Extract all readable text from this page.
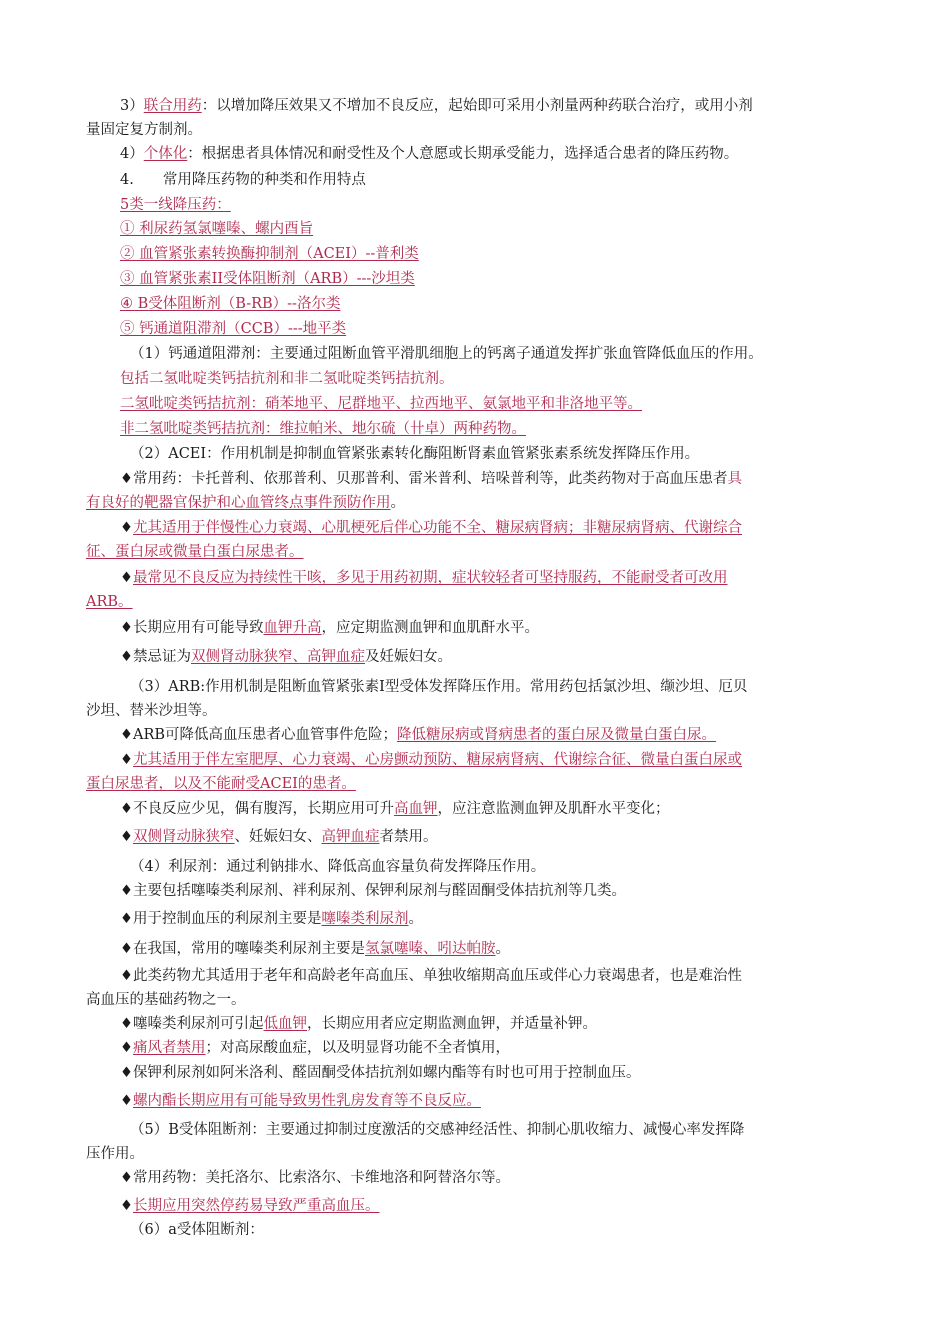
3）联合用药：以增加降压效果又不增加不良反应，起始即可采用小剂量两种药联合治疗，或用小剂
量固定复方制剂。
4）个体化：根据患者具体情况和耐受性及个人意愿或长期承受能力，选择适合患者的降压药物。
4.　　常用降压药物的种类和作用特点
5类一线降压药：
① 利尿药氢氯噻嗪、螺内酉旨
② 血管紧张素转换酶抑制剂（ACEI）--普利类
③ 血管紧张素II受体阻断剂（ARB）---沙坦类
④ B受体阻断剂（B-RB）--洛尔类
⑤ 钙通道阻滞剂（CCB）---地平类
（1）钙通道阻滞剂：主要通过阻断血管平滑肌细胞上的钙离子通道发挥扩张血管降低血压的作用。
包括二氢吡啶类钙拮抗剂和非二氢吡啶类钙拮抗剂。
二氢吡啶类钙拮抗剂：硝苯地平、尼群地平、拉西地平、氨氯地平和非洛地平等。
非二氢吡啶类钙拮抗剂：维拉帕米、地尔硫（卄卓）两种药物。
（2）ACEI：作用机制是抑制血管紧张素转化酶阻断肾素血管紧张素系统发挥降压作用。
♦常用药：卡托普利、依那普利、贝那普利、雷米普利、培哚普利等，此类药物对于高血压患者具
有良好的靶器官保护和心血管终点事件预防作用。
♦尤其适用于伴慢性心力衰竭、心肌梗死后伴心功能不全、糖尿病肾病；非糖尿病肾病、代谢综合
征、蛋白尿或微量白蛋白尿患者。
♦最常见不良反应为持续性干咳，多见于用药初期，症状较轻者可坚持服药，不能耐受者可改用
ARB。
♦长期应用有可能导致血钾升高，应定期监测血钾和血肌酐水平。
♦禁忌证为双侧肾动脉狭窄、高钾血症及妊娠妇女。
（3）ARB:作用机制是阻断血管紧张素I型受体发挥降压作用。常用药包括氯沙坦、缬沙坦、厄贝
沙坦、替米沙坦等。
♦ARB可降低高血压患者心血管事件危险；降低糖尿病或肾病患者的蛋白尿及微量白蛋白尿。
♦尤其适用于伴左室肥厚、心力衰竭、心房颤动预防、糖尿病肾病、代谢综合征、微量白蛋白尿或
蛋白尿患者，以及不能耐受ACEI的患者。
♦不良反应少见，偶有腹泻，长期应用可升高血钾，应注意监测血钾及肌酐水平变化；
♦双侧肾动脉狭窄、妊娠妇女、高钾血症者禁用。
（4）利尿剂：通过利钠排水、降低高血容量负荷发挥降压作用。
♦主要包括噻嗪类利尿剂、袢利尿剂、保钾利尿剂与醛固酮受体拮抗剂等几类。
♦用于控制血压的利尿剂主要是噻嗪类利尿剂。
♦在我国，常用的噻嗪类利尿剂主要是氢氯噻嗪、吲达帕胺。
♦此类药物尤其适用于老年和高龄老年高血压、单独收缩期高血压或伴心力衰竭患者，也是难治性
高血压的基础药物之一。
♦噻嗪类利尿剂可引起低血钾，长期应用者应定期监测血钾，并适量补钾。
♦痛风者禁用；对高尿酸血症，以及明显肾功能不全者慎用，
♦保钾利尿剂如阿米洛利、醛固酮受体拮抗剂如螺内酯等有时也可用于控制血压。
♦螺内酯长期应用有可能导致男性乳房发育等不良反应。
（5）B受体阻断剂：主要通过抑制过度激活的交感神经活性、抑制心肌收缩力、减慢心率发挥降
压作用。
♦常用药物：美托洛尔、比索洛尔、卡维地洛和阿替洛尔等。
♦长期应用突然停药易导致严重高血压。
（6）a受体阻断剂：
